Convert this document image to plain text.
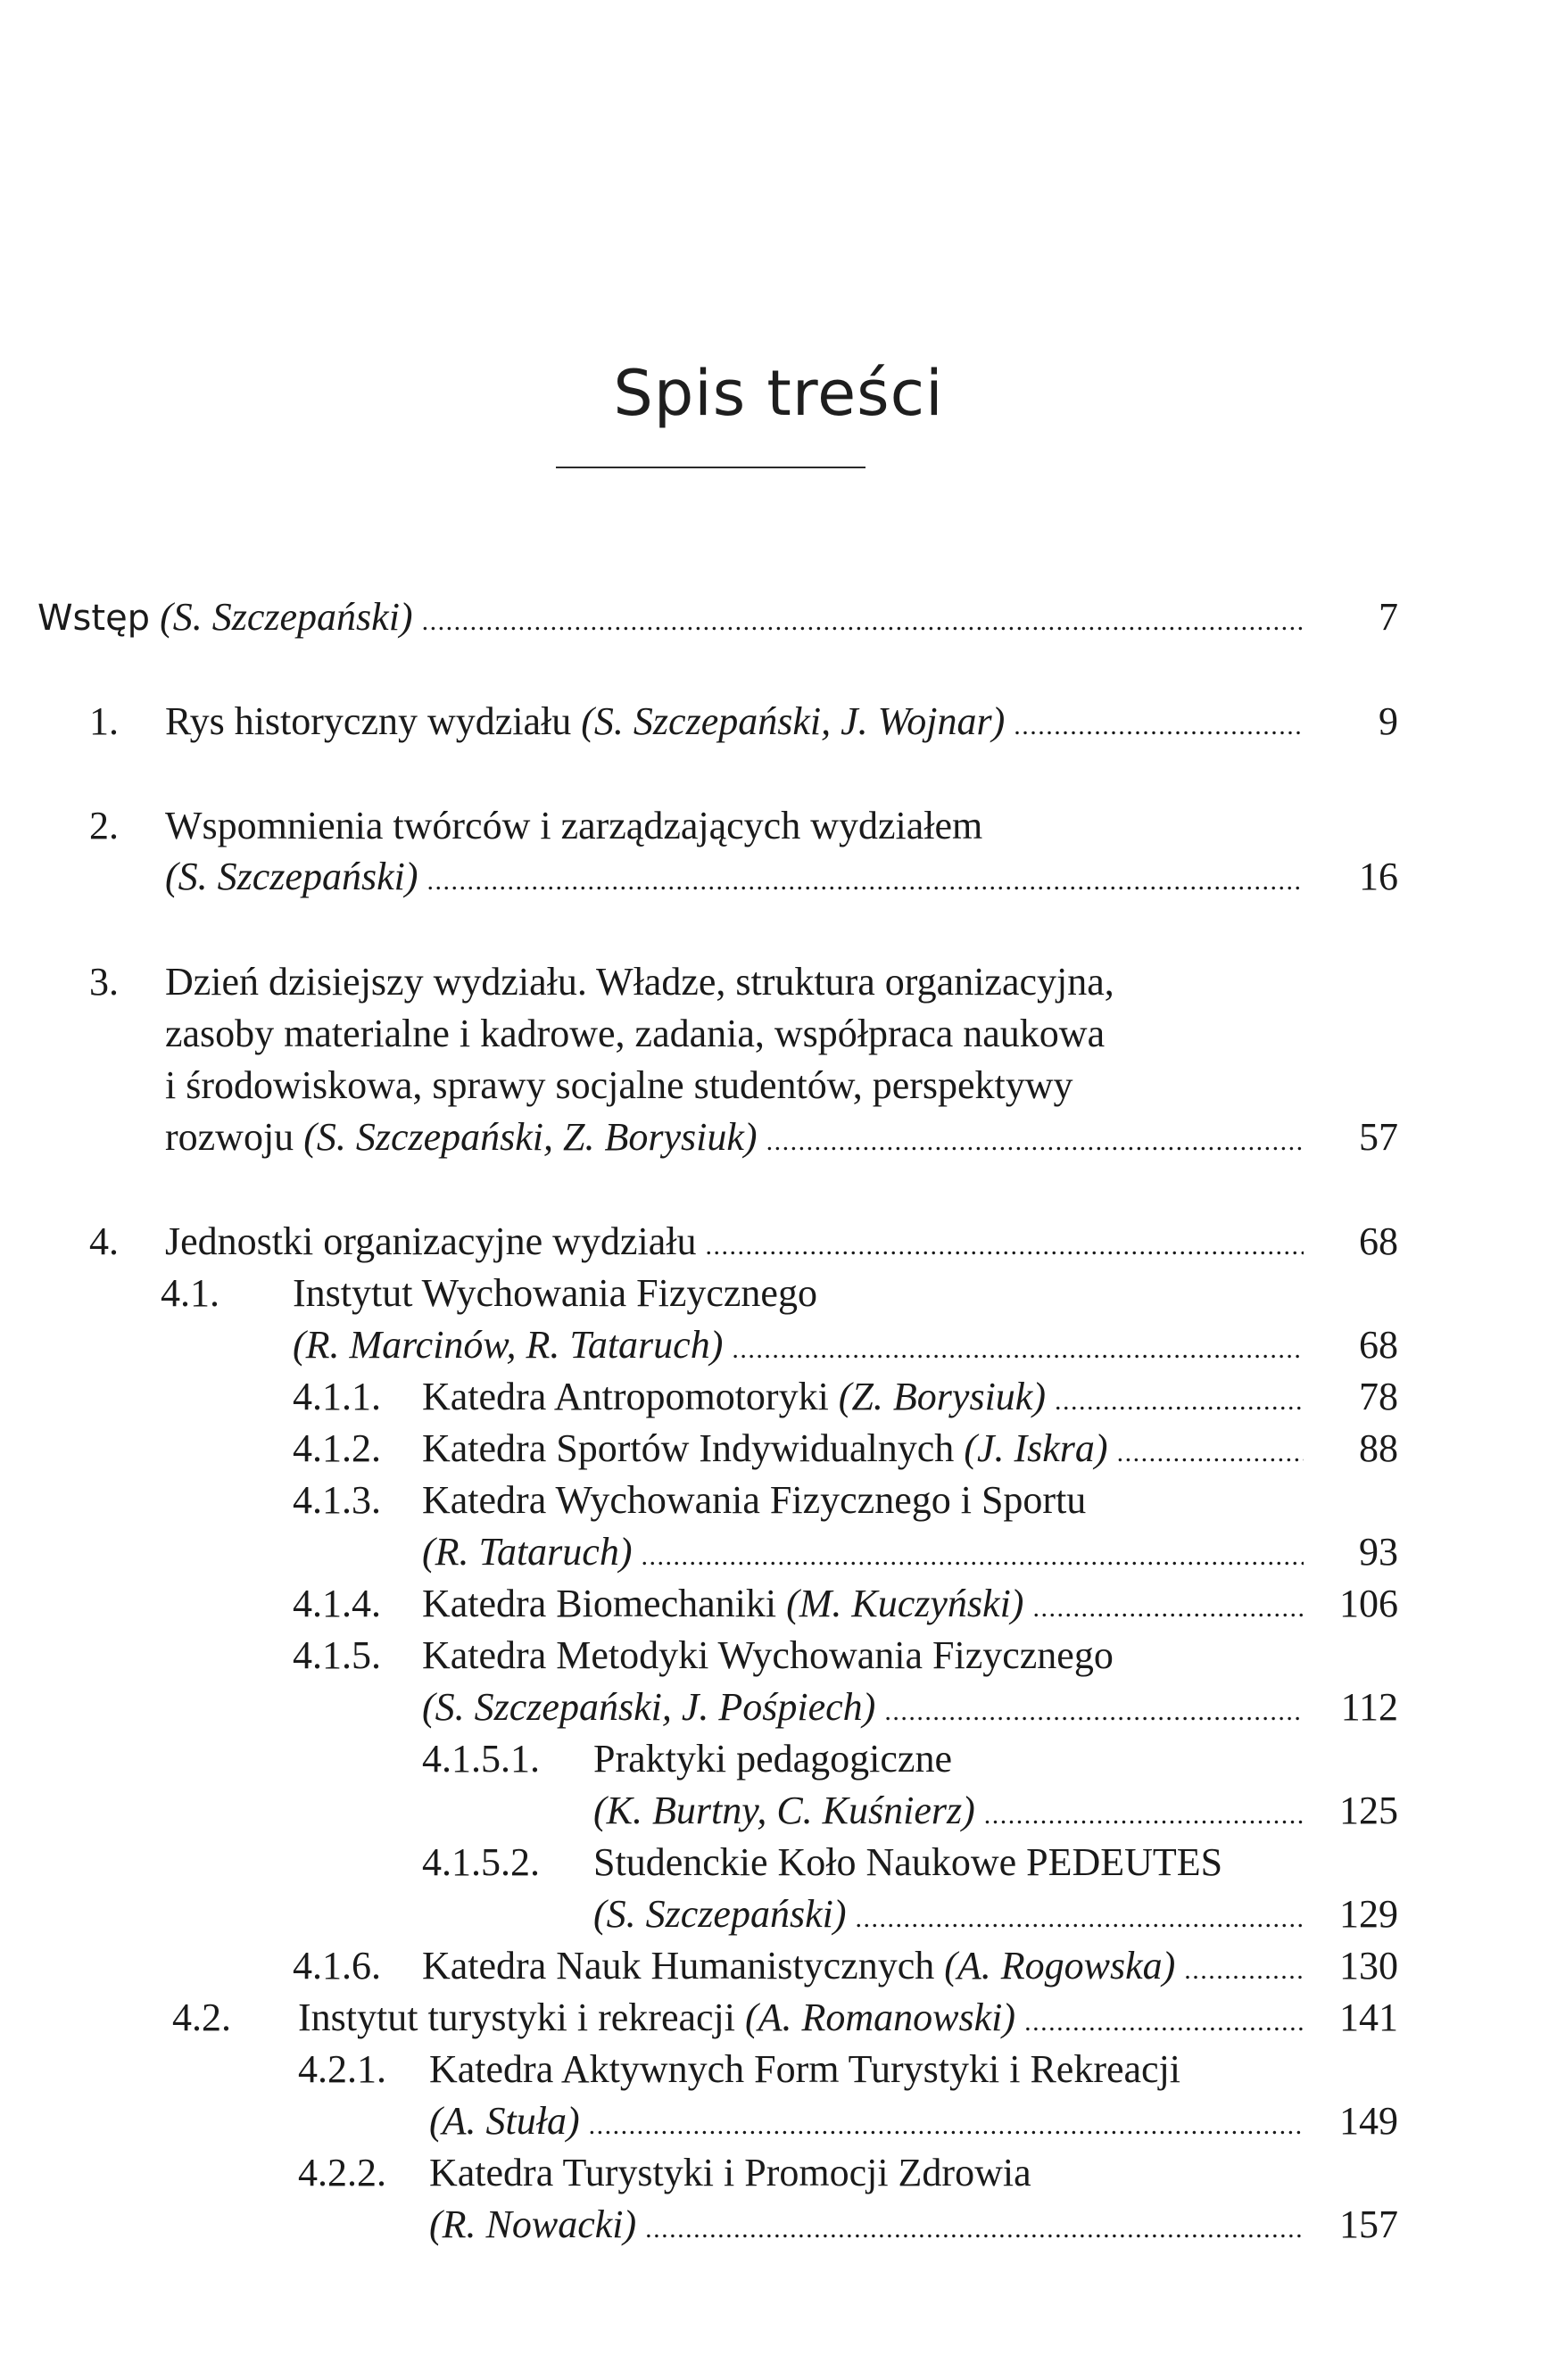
Spis treści
Wstęp (S. Szczepański) . . .	7
1. Rys historyczny wydziału (S. Szczepański, J. Wojnar) . . .	9
2. Wspomnienia twórców i zarządzających wydziałem
(S. Szczepański) . . .	16
3. Dzień dzisiejszy wydziału. Władze, struktura organizacyjna,
zasoby materialne i kadrowe, zadania, współpraca naukowa
i środowiskowa, sprawy socjalne studentów, perspektywy
rozwoju (S. Szczepański, Z. Borysiuk) . . .	57
4. Jednostki organizacyjne wydziału . . .	68
4.1. Instytut Wychowania Fizycznego
(R. Marcinów, R. Tataruch) . . .	68
4.1.1. Katedra Antropomotoryki (Z. Borysiuk) . . .	78
4.1.2. Katedra Sportów Indywidualnych (J. Iskra) . . .	88
4.1.3. Katedra Wychowania Fizycznego i Sportu
(R. Tataruch) . . .	93
4.1.4. Katedra Biomechaniki (M. Kuczyński) . . .	106
4.1.5. Katedra Metodyki Wychowania Fizycznego
(S. Szczepański, J. Pośpiech) . . .	112
4.1.5.1. Praktyki pedagogiczne
(K. Burtny, C. Kuśnierz) . . .	125
4.1.5.2. Studenckie Koło Naukowe PEDEUTES
(S. Szczepański) . . .	129
4.1.6. Katedra Nauk Humanistycznych (A. Rogowska) . . .	130
4.2. Instytut turystyki i rekreacji (A. Romanowski) . . .	141
4.2.1. Katedra Aktywnych Form Turystyki i Rekreacji
(A. Stuła) . . .	149
4.2.2. Katedra Turystyki i Promocji Zdrowia
(R. Nowacki) . . .	157
